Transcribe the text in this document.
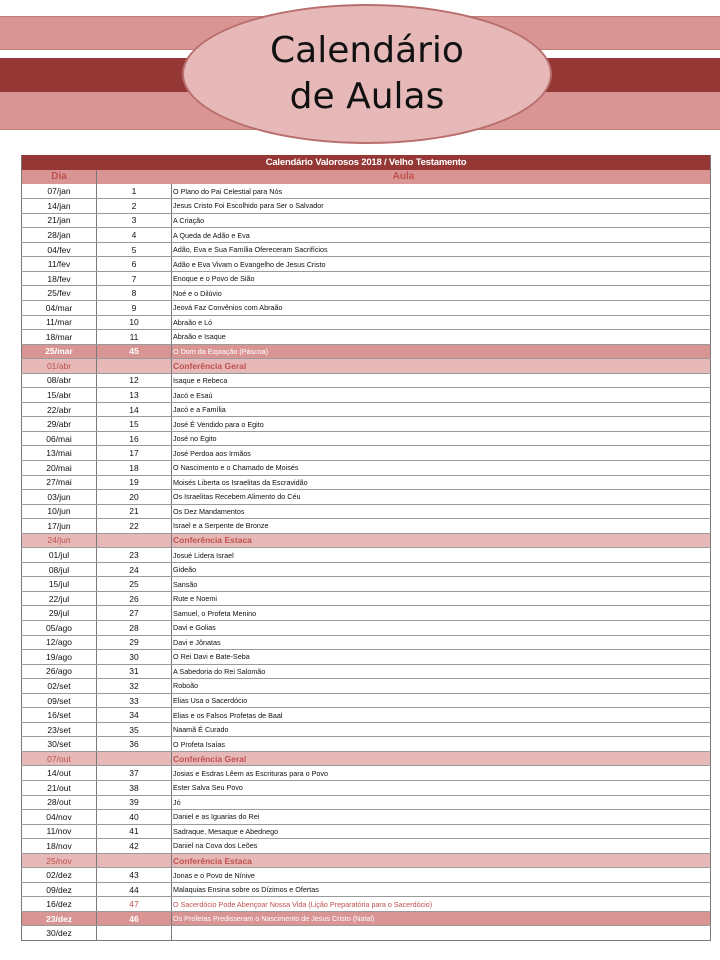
Calendário
de Aulas
Calendário Valorosos 2018 / Velho Testamento		
Dia	Aula	
07/jan	1	O Plano do Pai Celestial para Nós
14/jan	2	Jesus Cristo Foi Escolhido para Ser o Salvador
21/jan	3	A Criação
28/jan	4	A Queda de Adão e Eva
04/fev	5	Adão, Eva e Sua Família Ofereceram Sacrifícios
11/fev	6	Adão e Eva Vivam o Evangelho de Jesus Cristo
18/fev	7	Enoque e o Povo de Sião
25/fev	8	Noé e o Dilúvio
04/mar	9	Jeová Faz Convênios com Abraão
11/mar	10	Abraão e Ló
18/mar	11	Abraão e Isaque
25/mar	45	O Dom da Expiação (Páscoa)
01/abr		Conferência Geral
08/abr	12	Isaque e Rebeca
15/abr	13	Jacó e Esaú
22/abr	14	Jacó e a Família
29/abr	15	José É Vendido para o Egito
06/mai	16	José no Egito
13/mai	17	José Perdoa aos Irmãos
20/mai	18	O Nascimento e o Chamado de Moisés
27/mai	19	Moisés Liberta os Israelitas da Escravidão
03/jun	20	Os Israelitas Recebem Alimento do Céu
10/jun	21	Os Dez Mandamentos
17/jun	22	Israel e a Serpente de Bronze
24/jun		Conferência Estaca
01/jul	23	Josué Lidera Israel
08/jul	24	Gideão
15/jul	25	Sansão
22/jul	26	Rute e Noemi
29/jul	27	Samuel, o Profeta Menino
05/ago	28	Davi e Golias
12/ago	29	Davi e Jônatas
19/ago	30	O Rei Davi e Bate-Seba
26/ago	31	A Sabedoria do Rei Salomão
02/set	32	Roboão
09/set	33	Elias Usa o Sacerdócio
16/set	34	Elias e os Falsos Profetas de Baal
23/set	35	Naamã É Curado
30/set	36	O Profeta Isaías
07/out		Conferência Geral
14/out	37	Josias e Esdras Lêem as Escrituras para o Povo
21/out	38	Ester Salva Seu Povo
28/out	39	Jó
04/nov	40	Daniel e as Iguarias do Rei
11/nov	41	Sadraque, Mesaque e Abednego
18/nov	42	Daniel na Cova dos Leões
25/nov		Conferência Estaca
02/dez	43	Jonas e o Povo de Nínive
09/dez	44	Malaquias Ensina sobre os Dízimos e Ofertas
16/dez	47	O Sacerdócio Pode Abençoar Nossa Vida (Lição Preparatória para o Sacerdócio)
23/dez	46	Os Profetas Predisseram o Nascimento de Jesus Cristo (Natal)
30/dez		
